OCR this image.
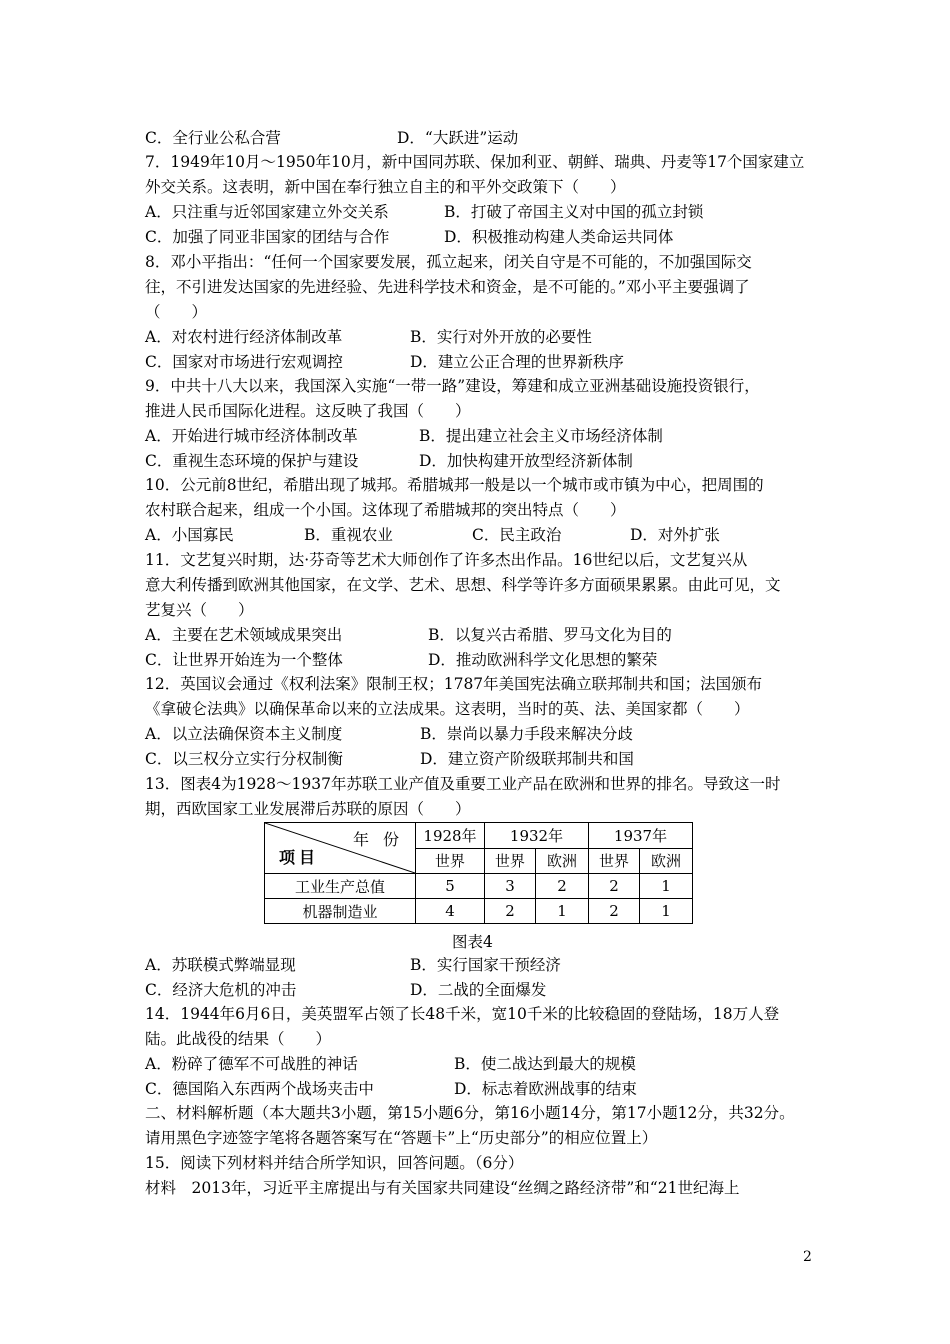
C．全行业公私合营	D．“大跃进”运动
7．1949年10月～1950年10月，新中国同苏联、保加利亚、朝鲜、瑞典、丹麦等17个国家建立
外交关系。这表明，新中国在奉行独立自主的和平外交政策下（　　）
A．只注重与近邻国家建立外交关系	B．打破了帝国主义对中国的孤立封锁
C．加强了同亚非国家的团结与合作	D．积极推动构建人类命运共同体
8．邓小平指出：“任何一个国家要发展，孤立起来，闭关自守是不可能的，不加强国际交
往，不引进发达国家的先进经验、先进科学技术和资金，是不可能的。”邓小平主要强调了
（　　）
A．对农村进行经济体制改革	B．实行对外开放的必要性
C．国家对市场进行宏观调控	D．建立公正合理的世界新秩序
9．中共十八大以来，我国深入实施“一带一路”建设，筹建和成立亚洲基础设施投资银行，
推进人民币国际化进程。这反映了我国（　　）
A．开始进行城市经济体制改革	B．提出建立社会主义市场经济体制
C．重视生态环境的保护与建设	D．加快构建开放型经济新体制
10．公元前8世纪，希腊出现了城邦。希腊城邦一般是以一个城市或市镇为中心，把周围的
农村联合起来，组成一个小国。这体现了希腊城邦的突出特点（　　）
A．小国寡民	B．重视农业	C．民主政治	D．对外扩张
11．文艺复兴时期，达·芬奇等艺术大师创作了许多杰出作品。16世纪以后，文艺复兴从
意大利传播到欧洲其他国家，在文学、艺术、思想、科学等许多方面硕果累累。由此可见，文
艺复兴（　　）
A．主要在艺术领域成果突出	B．以复兴古希腊、罗马文化为目的
C．让世界开始连为一个整体	D．推动欧洲科学文化思想的繁荣
12．英国议会通过《权利法案》限制王权；1787年美国宪法确立联邦制共和国；法国颁布
《拿破仑法典》以确保革命以来的立法成果。这表明，当时的英、法、美国家都（　　）
A．以立法确保资本主义制度	B．崇尚以暴力手段来解决分歧
C．以三权分立实行分权制衡	D．建立资产阶级联邦制共和国
13．图表4为1928～1937年苏联工业产值及重要工业产品在欧洲和世界的排名。导致这一时
期，西欧国家工业发展滞后苏联的原因（　　）
年份
项目	1928年	1932年		1937年	
	世界	世界	欧洲	世界	欧洲
工业生产总值	5	3	2	2	1
机器制造业	4	2	1	2	1
图表4
A．苏联模式弊端显现	B．实行国家干预经济
C．经济大危机的冲击	D．二战的全面爆发
14．1944年6月6日，美英盟军占领了长48千米，宽10千米的比较稳固的登陆场，18万人登
陆。此战役的结果（　　）
A．粉碎了德军不可战胜的神话	B．使二战达到最大的规模
C．德国陷入东西两个战场夹击中	D．标志着欧洲战事的结束
二、材料解析题（本大题共3小题，第15小题6分，第16小题14分，第17小题12分，共32分。
请用黑色字迹签字笔将各题答案写在“答题卡”上“历史部分”的相应位置上）
15．阅读下列材料并结合所学知识，回答问题。（6分）
材料　2013年，习近平主席提出与有关国家共同建设“丝绸之路经济带”和“21世纪海上
2
